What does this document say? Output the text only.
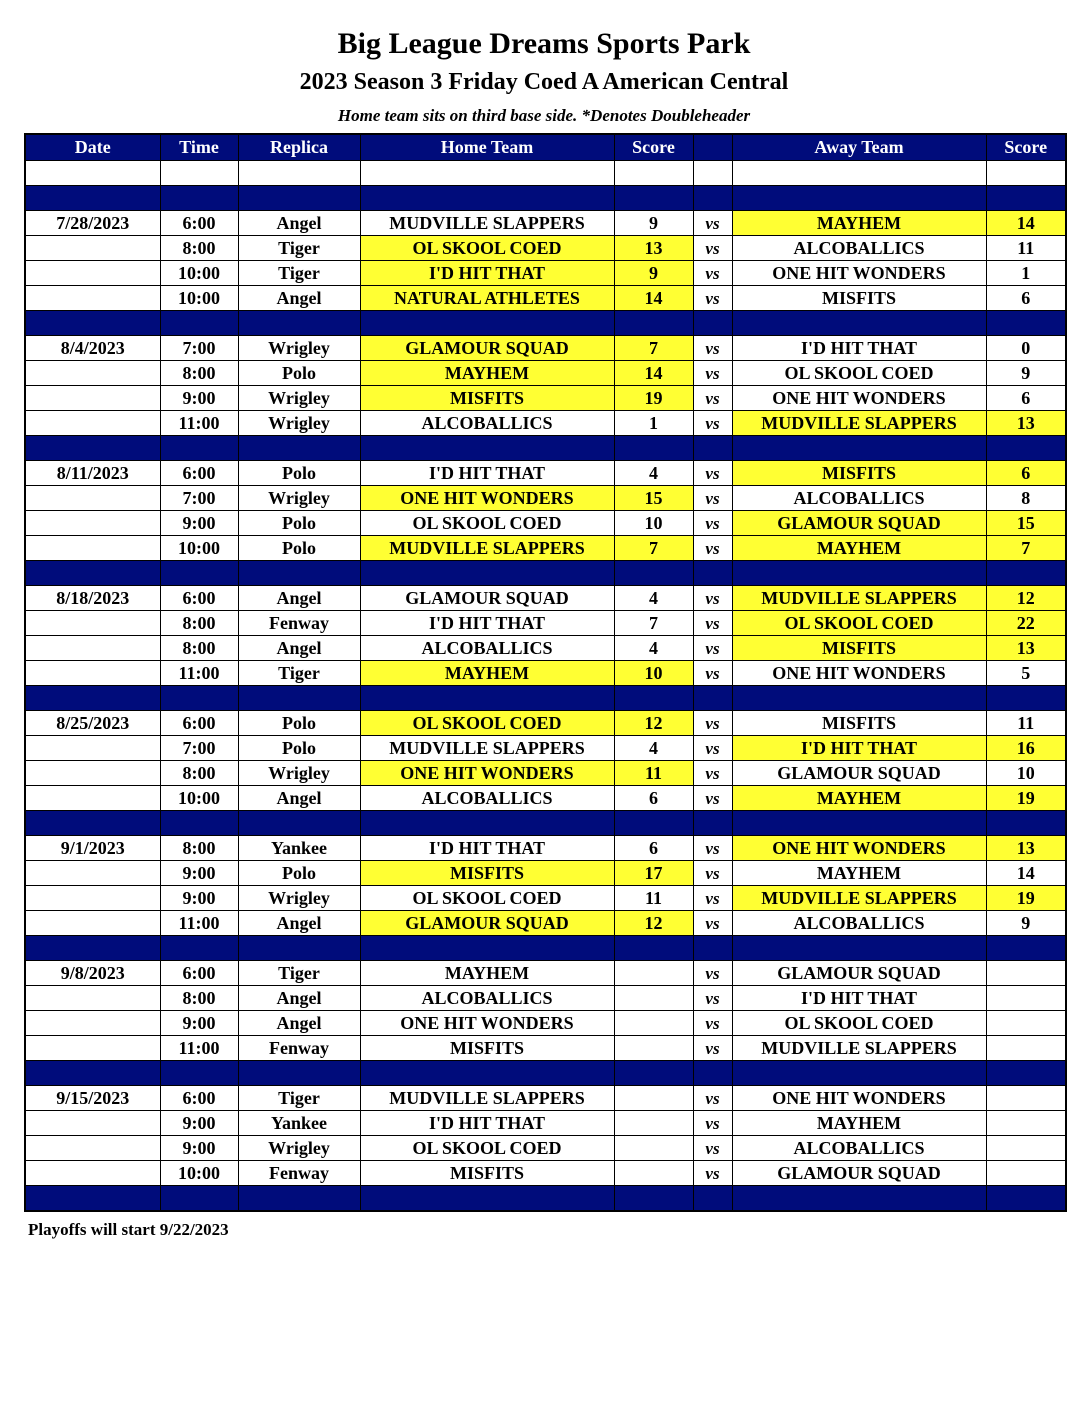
Big League Dreams Sports Park
2023 Season 3 Friday Coed A American Central
Home team sits on third base side. *Denotes Doubleheader
Date	Time	Replica	Home Team	Score		Away Team	Score

7/28/2023	6:00	Angel	MUDVILLE SLAPPERS	9	vs	MAYHEM	14
	8:00	Tiger	OL SKOOL COED	13	vs	ALCOBALLICS	11
	10:00	Tiger	I'D HIT THAT	9	vs	ONE HIT WONDERS	1
	10:00	Angel	NATURAL ATHLETES	14	vs	MISFITS	6

8/4/2023	7:00	Wrigley	GLAMOUR SQUAD	7	vs	I'D HIT THAT	0
	8:00	Polo	MAYHEM	14	vs	OL SKOOL COED	9
	9:00	Wrigley	MISFITS	19	vs	ONE HIT WONDERS	6
	11:00	Wrigley	ALCOBALLICS	1	vs	MUDVILLE SLAPPERS	13

8/11/2023	6:00	Polo	I'D HIT THAT	4	vs	MISFITS	6
	7:00	Wrigley	ONE HIT WONDERS	15	vs	ALCOBALLICS	8
	9:00	Polo	OL SKOOL COED	10	vs	GLAMOUR SQUAD	15
	10:00	Polo	MUDVILLE SLAPPERS	7	vs	MAYHEM	7

8/18/2023	6:00	Angel	GLAMOUR SQUAD	4	vs	MUDVILLE SLAPPERS	12
	8:00	Fenway	I'D HIT THAT	7	vs	OL SKOOL COED	22
	8:00	Angel	ALCOBALLICS	4	vs	MISFITS	13
	11:00	Tiger	MAYHEM	10	vs	ONE HIT WONDERS	5

8/25/2023	6:00	Polo	OL SKOOL COED	12	vs	MISFITS	11
	7:00	Polo	MUDVILLE SLAPPERS	4	vs	I'D HIT THAT	16
	8:00	Wrigley	ONE HIT WONDERS	11	vs	GLAMOUR SQUAD	10
	10:00	Angel	ALCOBALLICS	6	vs	MAYHEM	19

9/1/2023	8:00	Yankee	I'D HIT THAT	6	vs	ONE HIT WONDERS	13
	9:00	Polo	MISFITS	17	vs	MAYHEM	14
	9:00	Wrigley	OL SKOOL COED	11	vs	MUDVILLE SLAPPERS	19
	11:00	Angel	GLAMOUR SQUAD	12	vs	ALCOBALLICS	9

9/8/2023	6:00	Tiger	MAYHEM		vs	GLAMOUR SQUAD	
	8:00	Angel	ALCOBALLICS		vs	I'D HIT THAT	
	9:00	Angel	ONE HIT WONDERS		vs	OL SKOOL COED	
	11:00	Fenway	MISFITS		vs	MUDVILLE SLAPPERS	

9/15/2023	6:00	Tiger	MUDVILLE SLAPPERS		vs	ONE HIT WONDERS	
	9:00	Yankee	I'D HIT THAT		vs	MAYHEM	
	9:00	Wrigley	OL SKOOL COED		vs	ALCOBALLICS	
	10:00	Fenway	MISFITS		vs	GLAMOUR SQUAD	

Playoffs will start 9/22/2023
